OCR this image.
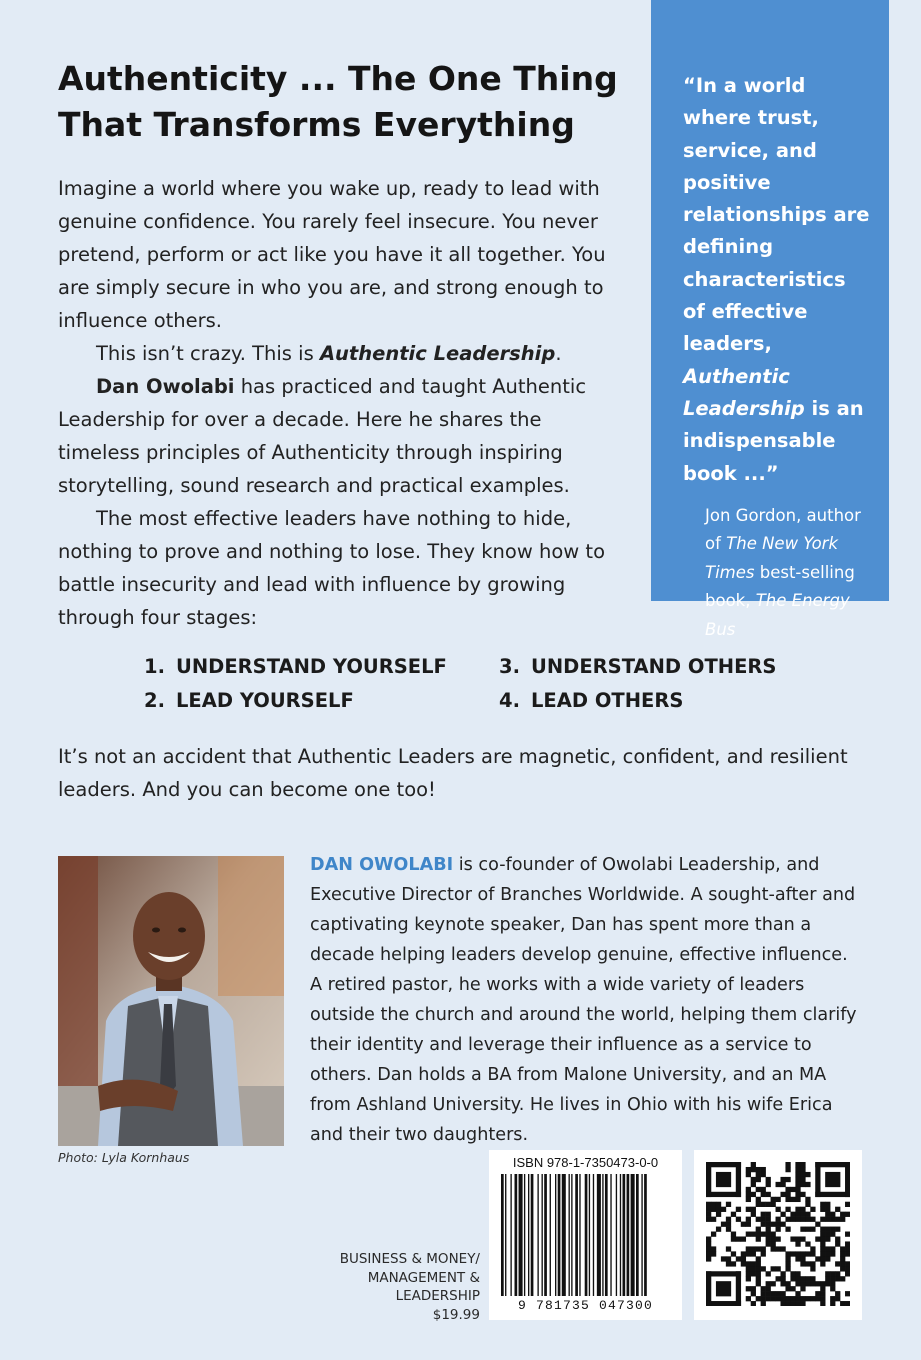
Authenticity ... The One Thing
That Transforms Everything

Imagine a world where you wake up, ready to lead with genuine confidence. You rarely feel insecure. You never pretend, perform or act like you have it all together. You are simply secure in who you are, and strong enough to influence others.

This isn’t crazy. This is Authentic Leadership.

Dan Owolabi has practiced and taught Authentic Leadership for over a decade. Here he shares the timeless principles of Authenticity through inspiring storytelling, sound research and practical examples.

The most effective leaders have nothing to hide, nothing to prove and nothing to lose. They know how to battle insecurity and lead with influence by growing through four stages:

“In a world where trust, service, and positive relationships are defining characteristics of effective leaders, Authentic Leadership is an indispensable book ...”

Jon Gordon, author of The New York Times best-selling book, The Energy Bus

1. UNDERSTAND YOURSELF	3. UNDERSTAND OTHERS
2. LEAD YOURSELF	4. LEAD OTHERS

It’s not an accident that Authentic Leaders are magnetic, confident, and resilient leaders. And you can become one too!

Photo: Lyla Kornhaus

DAN OWOLABI is co-founder of Owolabi Leadership, and Executive Director of Branches Worldwide. A sought-after and captivating keynote speaker, Dan has spent more than a decade helping leaders develop genuine, effective influence. A retired pastor, he works with a wide variety of leaders outside the church and around the world, helping them clarify their identity and leverage their influence as a service to others. Dan holds a BA from Malone University, and an MA from Ashland University. He lives in Ohio with his wife Erica and their two daughters.

BUSINESS & MONEY/
MANAGEMENT &
LEADERSHIP
$19.99
ISBN 978-1-7350473-0-0
9 781735 047300
